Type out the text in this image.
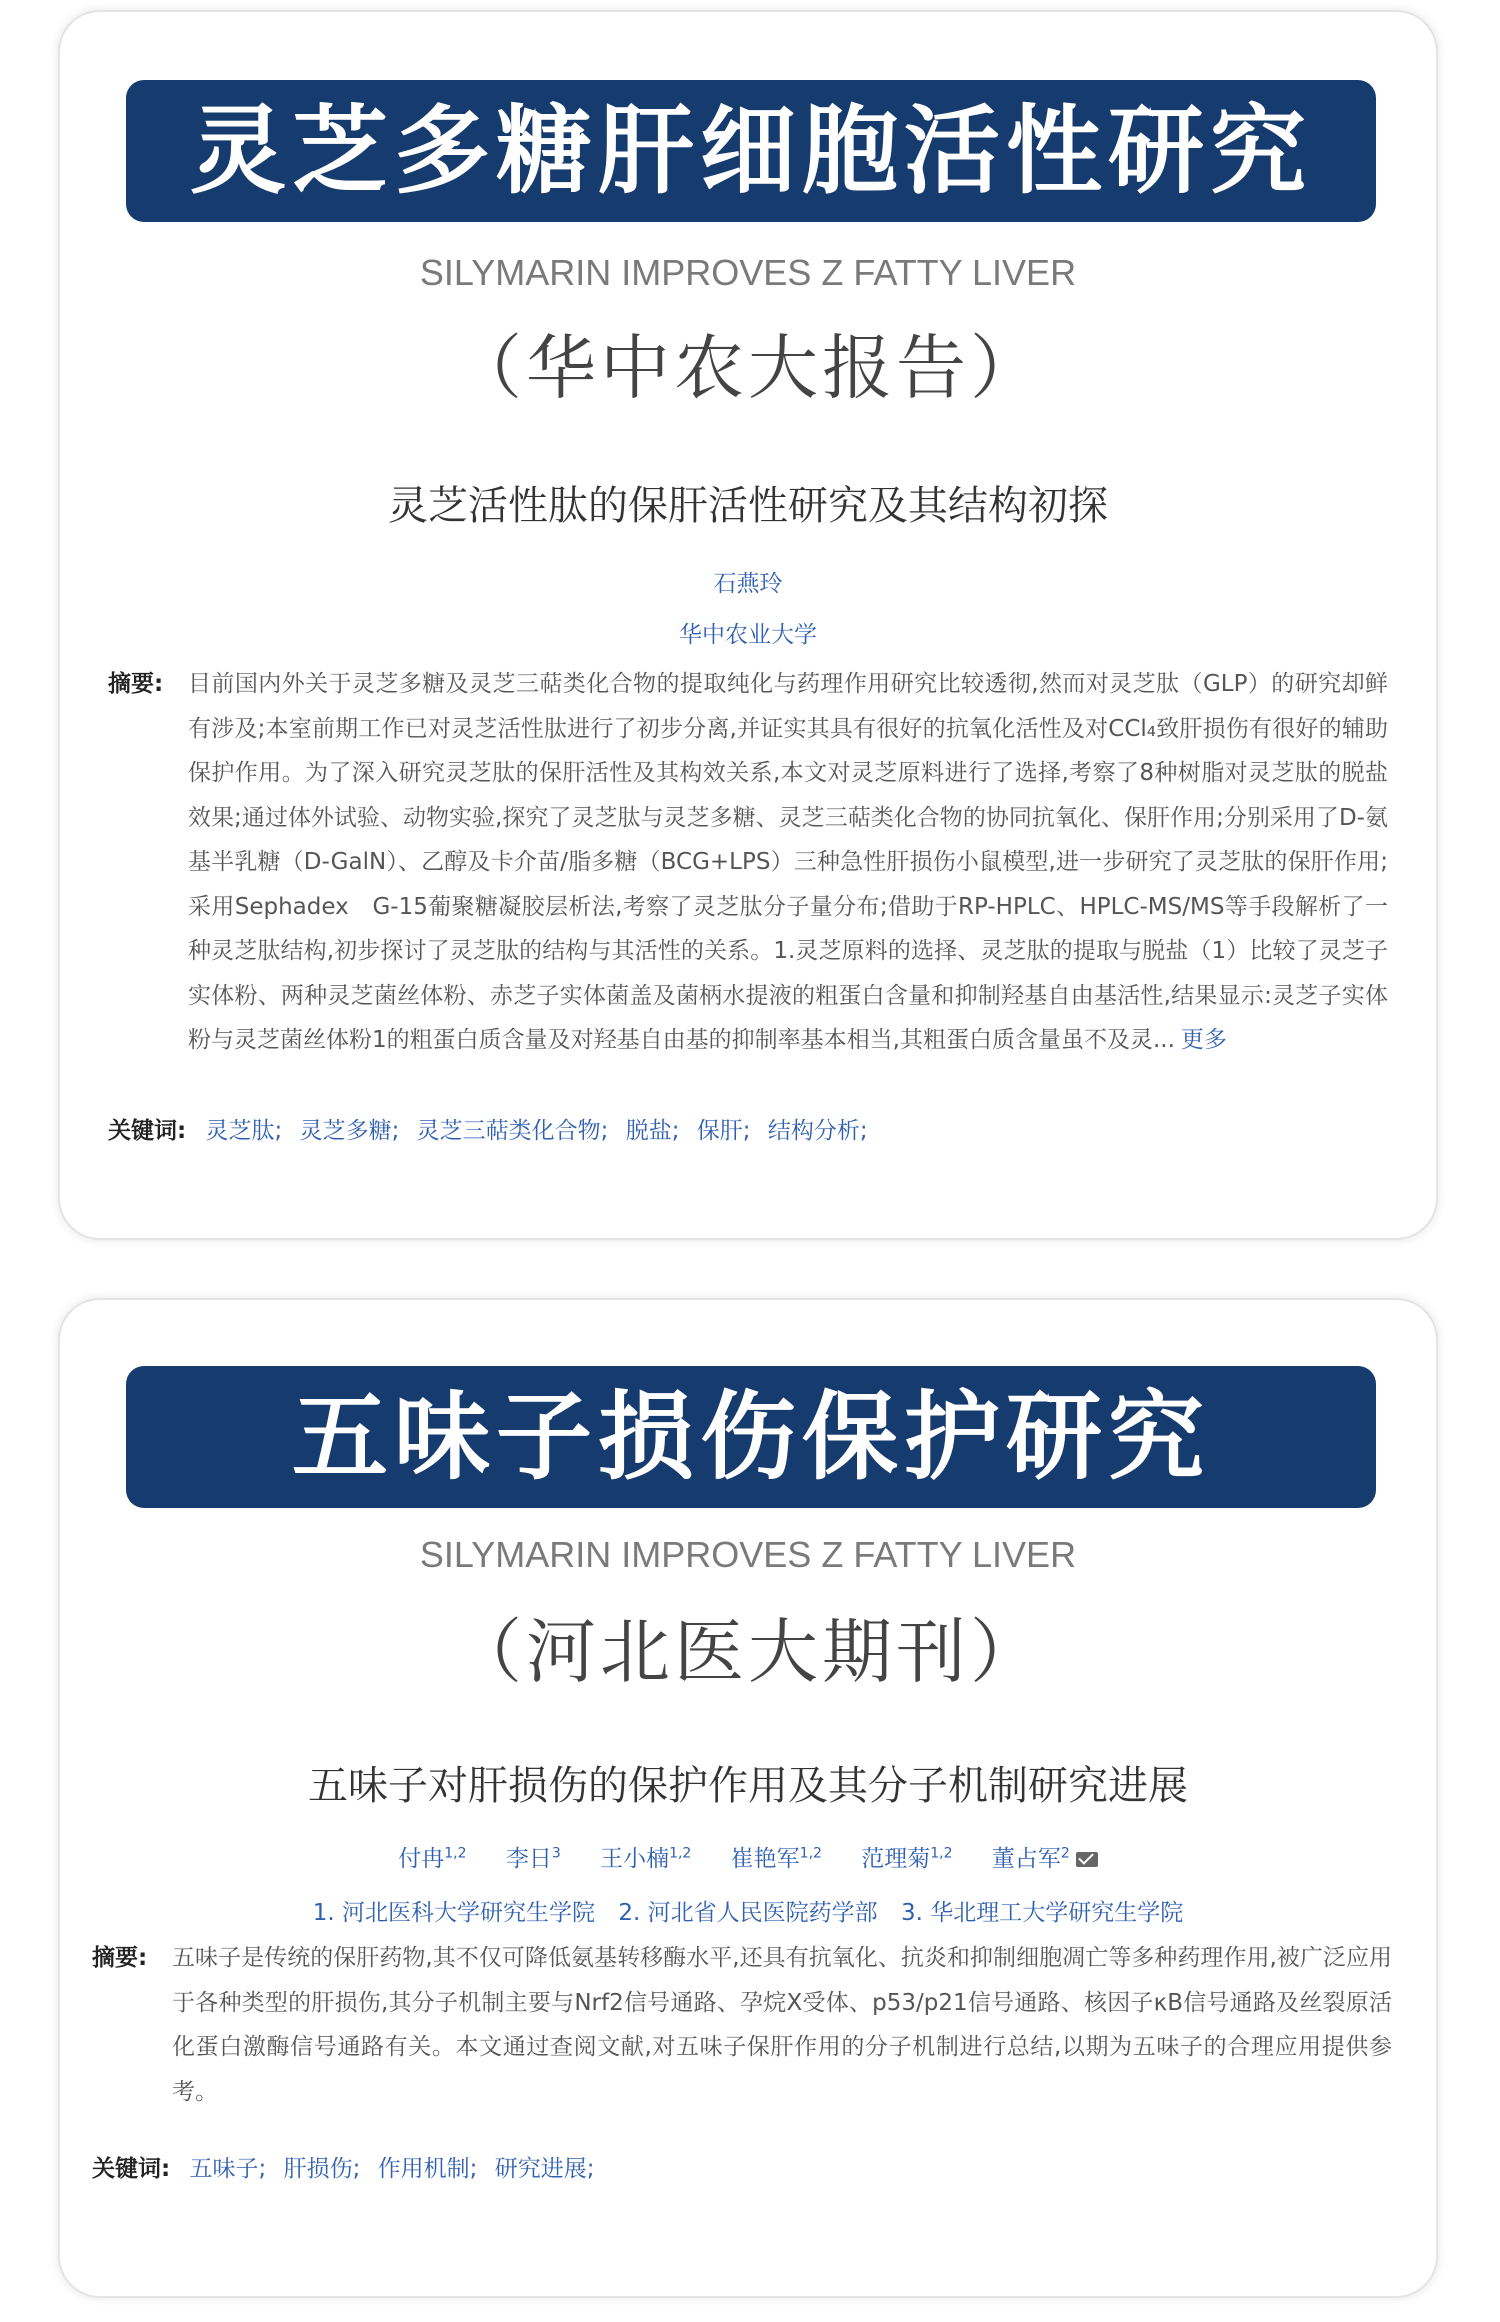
灵芝多糖肝细胞活性研究
SILYMARIN IMPROVES Z FATTY LIVER
（华中农大报告）
灵芝活性肽的保肝活性研究及其结构初探
石燕玲
华中农业大学
摘要: 目前国内外关于灵芝多糖及灵芝三萜类化合物的提取纯化与药理作用研究比较透彻,然而对灵芝肽（GLP）的研究却鲜有涉及;本室前期工作已对灵芝活性肽进行了初步分离,并证实其具有很好的抗氧化活性及对CCl₄致肝损伤有很好的辅助保护作用。为了深入研究灵芝肽的保肝活性及其构效关系,本文对灵芝原料进行了选择,考察了8种树脂对灵芝肽的脱盐效果;通过体外试验、动物实验,探究了灵芝肽与灵芝多糖、灵芝三萜类化合物的协同抗氧化、保肝作用;分别采用了D-氨基半乳糖（D-GalN）、乙醇及卡介苗/脂多糖（BCG+LPS）三种急性肝损伤小鼠模型,进一步研究了灵芝肽的保肝作用;采用Sephadex　G-15葡聚糖凝胶层析法,考察了灵芝肽分子量分布;借助于RP-HPLC、HPLC-MS/MS等手段解析了一种灵芝肽结构,初步探讨了灵芝肽的结构与其活性的关系。1.灵芝原料的选择、灵芝肽的提取与脱盐（1）比较了灵芝子实体粉、两种灵芝菌丝体粉、赤芝子实体菌盖及菌柄水提液的粗蛋白含量和抑制羟基自由基活性,结果显示:灵芝子实体粉与灵芝菌丝体粉1的粗蛋白质含量及对羟基自由基的抑制率基本相当,其粗蛋白质含量虽不及灵... 更多
关键词: 灵芝肽; 灵芝多糖; 灵芝三萜类化合物; 脱盐; 保肝; 结构分析;
五味子损伤保护研究
SILYMARIN IMPROVES Z FATTY LIVER
（河北医大期刊）
五味子对肝损伤的保护作用及其分子机制研究进展
付冉$^{1,2}$ 李日$^3$ 王小楠$^{1,2}$ 崔艳军$^{1,2}$ 范理菊$^{1,2}$ 董占军$^2$
1. 河北医科大学研究生学院 2. 河北省人民医院药学部 3. 华北理工大学研究生学院
摘要: 五味子是传统的保肝药物,其不仅可降低氨基转移酶水平,还具有抗氧化、抗炎和抑制细胞凋亡等多种药理作用,被广泛应用于各种类型的肝损伤,其分子机制主要与Nrf2信号通路、孕烷X受体、p53/p21信号通路、核因子κB信号通路及丝裂原活化蛋白激酶信号通路有关。本文通过查阅文献,对五味子保肝作用的分子机制进行总结,以期为五味子的合理应用提供参考。
关键词: 五味子; 肝损伤; 作用机制; 研究进展;
